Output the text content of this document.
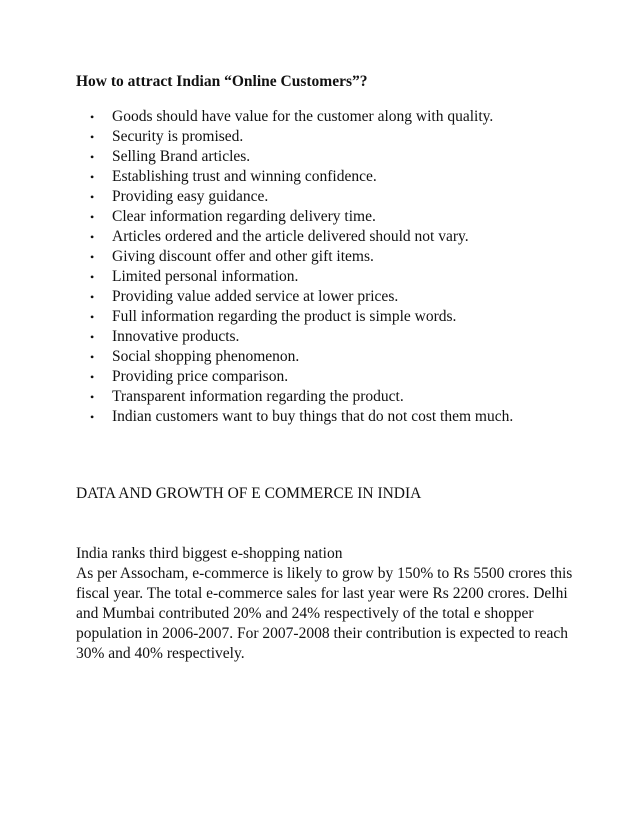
How to attract Indian “Online Customers”?
•	Goods should have value for the customer along with quality.
•	Security is promised.
•	Selling Brand articles.
•	Establishing trust and winning confidence.
•	Providing easy guidance.
•	Clear information regarding delivery time.
•	Articles ordered and the article delivered should not vary.
•	Giving discount offer and other gift items.
•	Limited personal information.
•	Providing value added service at lower prices.
•	Full information regarding the product is simple words.
•	Innovative products.
•	Social shopping phenomenon.
•	Providing price comparison.
•	Transparent information regarding the product.
•	Indian customers want to buy things that do not cost them much.
DATA AND GROWTH OF E COMMERCE IN INDIA
India ranks third biggest e-shopping nation
As per Assocham, e-commerce is likely to grow by 150% to Rs 5500 crores this
fiscal year. The total e-commerce sales for last year were Rs 2200 crores. Delhi
and Mumbai contributed 20% and 24% respectively of the total e shopper
population in 2006-2007. For 2007-2008 their contribution is expected to reach
30% and 40% respectively.
